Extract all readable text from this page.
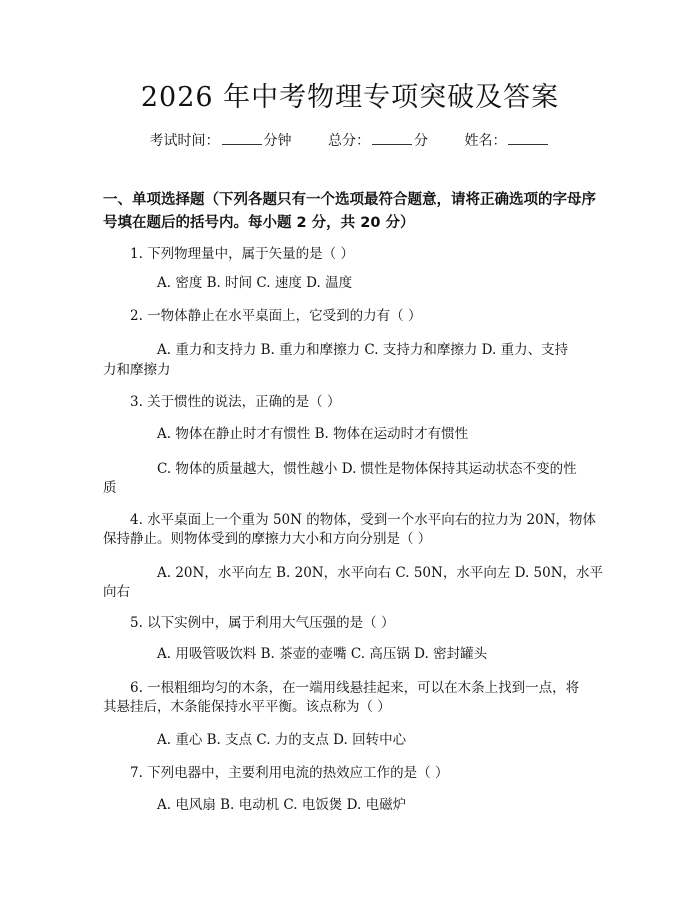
2026 年中考物理专项突破及答案
考试时间：	分钟	总分：	分	姓名：
一、单项选择题（下列各题只有一个选项最符合题意，请将正确选项的字母序号填在题后的括号内。每小题 2 分，共 20 分）
1. 下列物理量中，属于矢量的是（ ）
A. 密度 B. 时间 C. 速度 D. 温度
2. 一物体静止在水平桌面上，它受到的力有（ ）
A. 重力和支持力 B. 重力和摩擦力 C. 支持力和摩擦力 D. 重力、支持
力和摩擦力
3. 关于惯性的说法，正确的是（ ）
A. 物体在静止时才有惯性 B. 物体在运动时才有惯性
C. 物体的质量越大，惯性越小 D. 惯性是物体保持其运动状态不变的性
质
4. 水平桌面上一个重为 50N 的物体，受到一个水平向右的拉力为 20N，物体
保持静止。则物体受到的摩擦力大小和方向分别是（ ）
A. 20N，水平向左 B. 20N，水平向右 C. 50N，水平向左 D. 50N，水平
向右
5. 以下实例中，属于利用大气压强的是（ ）
A. 用吸管吸饮料 B. 茶壶的壶嘴 C. 高压锅 D. 密封罐头
6. 一根粗细均匀的木条，在一端用线悬挂起来，可以在木条上找到一点，将
其悬挂后，木条能保持水平平衡。该点称为（ ）
A. 重心 B. 支点 C. 力的支点 D. 回转中心
7. 下列电器中，主要利用电流的热效应工作的是（ ）
A. 电风扇 B. 电动机 C. 电饭煲 D. 电磁炉
